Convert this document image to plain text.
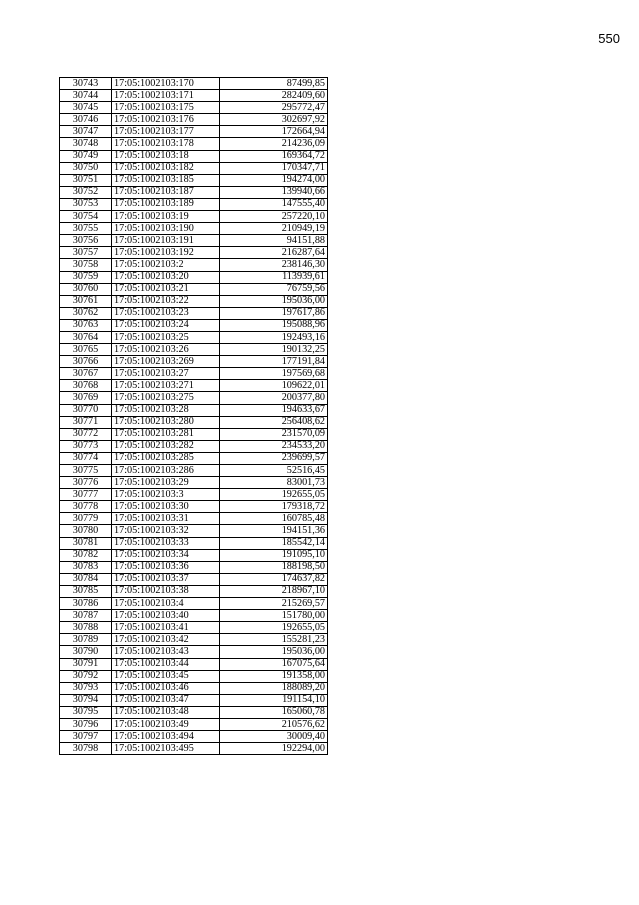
550
30743	17:05:1002103:170	87499,85
30744	17:05:1002103:171	282409,60
30745	17:05:1002103:175	295772,47
30746	17:05:1002103:176	302697,92
30747	17:05:1002103:177	172664,94
30748	17:05:1002103:178	214236,09
30749	17:05:1002103:18	169364,72
30750	17:05:1002103:182	170347,71
30751	17:05:1002103:185	194274,00
30752	17:05:1002103:187	139940,66
30753	17:05:1002103:189	147555,40
30754	17:05:1002103:19	257220,10
30755	17:05:1002103:190	210949,19
30756	17:05:1002103:191	94151,88
30757	17:05:1002103:192	216287,64
30758	17:05:1002103:2	238146,30
30759	17:05:1002103:20	113939,61
30760	17:05:1002103:21	76759,56
30761	17:05:1002103:22	195036,00
30762	17:05:1002103:23	197617,86
30763	17:05:1002103:24	195088,96
30764	17:05:1002103:25	192493,16
30765	17:05:1002103:26	190132,25
30766	17:05:1002103:269	177191,84
30767	17:05:1002103:27	197569,68
30768	17:05:1002103:271	109622,01
30769	17:05:1002103:275	200377,80
30770	17:05:1002103:28	194633,67
30771	17:05:1002103:280	256408,62
30772	17:05:1002103:281	231570,09
30773	17:05:1002103:282	234533,20
30774	17:05:1002103:285	239699,57
30775	17:05:1002103:286	52516,45
30776	17:05:1002103:29	83001,73
30777	17:05:1002103:3	192655,05
30778	17:05:1002103:30	179318,72
30779	17:05:1002103:31	160785,48
30780	17:05:1002103:32	194151,36
30781	17:05:1002103:33	185542,14
30782	17:05:1002103:34	191095,10
30783	17:05:1002103:36	188198,50
30784	17:05:1002103:37	174637,82
30785	17:05:1002103:38	218967,10
30786	17:05:1002103:4	215269,57
30787	17:05:1002103:40	151780,00
30788	17:05:1002103:41	192655,05
30789	17:05:1002103:42	155281,23
30790	17:05:1002103:43	195036,00
30791	17:05:1002103:44	167075,64
30792	17:05:1002103:45	191358,00
30793	17:05:1002103:46	188089,20
30794	17:05:1002103:47	191154,10
30795	17:05:1002103:48	165060,78
30796	17:05:1002103:49	210576,62
30797	17:05:1002103:494	30009,40
30798	17:05:1002103:495	192294,00
